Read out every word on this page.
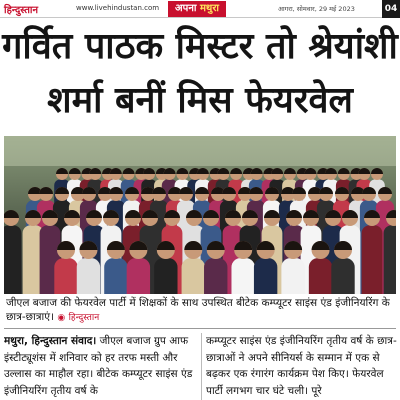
हिन्दुस्तान	www.livehindustan.com	अपना मथुरा	आगरा, सोमवार, 29 मई 2023	04
गर्वित पाठक मिस्टर तो श्रेयांशी
शर्मा बनीं मिस फेयरवेल
जीएल बजाज की फेयरवेल पार्टी में शिक्षकों के साथ उपस्थित बीटेक कम्प्यूटर साइंस एंड इंजीनियरिंग के छात्र-छात्राएं। ◉ हिन्दुस्तान
मथुरा, हिन्दुस्तान संवाद। जीएल बजाज ग्रुप आफ इंस्टीट्यूशंस में शनिवार को हर तरफ मस्ती और उल्लास का माहौल रहा। बीटेक कम्प्यूटर साइंस एंड इंजीनियरिंग तृतीय वर्ष के
कम्प्यूटर साइंस एंड इंजीनियरिंग तृतीय वर्ष के छात्र-छात्राओं ने अपने सीनियर्स के सम्मान में एक से बढ़कर एक रंगारंग कार्यक्रम पेश किए। फेयरवेल पार्टी लगभग चार घंटे चली। पूरे
